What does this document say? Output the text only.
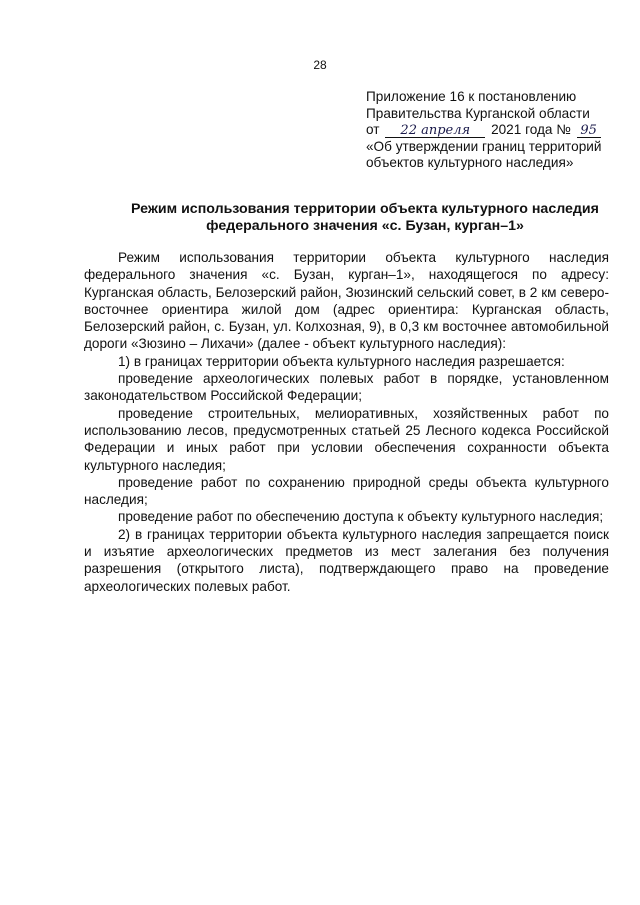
28
Приложение 16 к постановлению
Правительства Курганской области
от 22 апреля 2021 года № 95
«Об утверждении границ территорий
объектов культурного наследия»
Режим использования территории объекта культурного наследия
федерального значения «с. Бузан, курган–1»

Режим использования территории объекта культурного наследия федерального значения «с. Бузан, курган–1», находящегося по адресу: Курганская область, Белозерский район, Зюзинский сельский совет, в 2 км северо-восточнее ориентира жилой дом (адрес ориентира: Курганская область, Белозерский район, с. Бузан, ул. Колхозная, 9), в 0,3 км восточнее автомобильной дороги «Зюзино – Лихачи» (далее - объект культурного наследия):

1) в границах территории объекта культурного наследия разрешается:

проведение археологических полевых работ в порядке, установленном законодательством Российской Федерации;

проведение строительных, мелиоративных, хозяйственных работ по использованию лесов, предусмотренных статьей 25 Лесного кодекса Российской Федерации и иных работ при условии обеспечения сохранности объекта культурного наследия;

проведение работ по сохранению природной среды объекта культурного наследия;

проведение работ по обеспечению доступа к объекту культурного наследия;

2) в границах территории объекта культурного наследия запрещается поиск и изъятие археологических предметов из мест залегания без получения разрешения (открытого листа), подтверждающего право на проведение археологических полевых работ.
